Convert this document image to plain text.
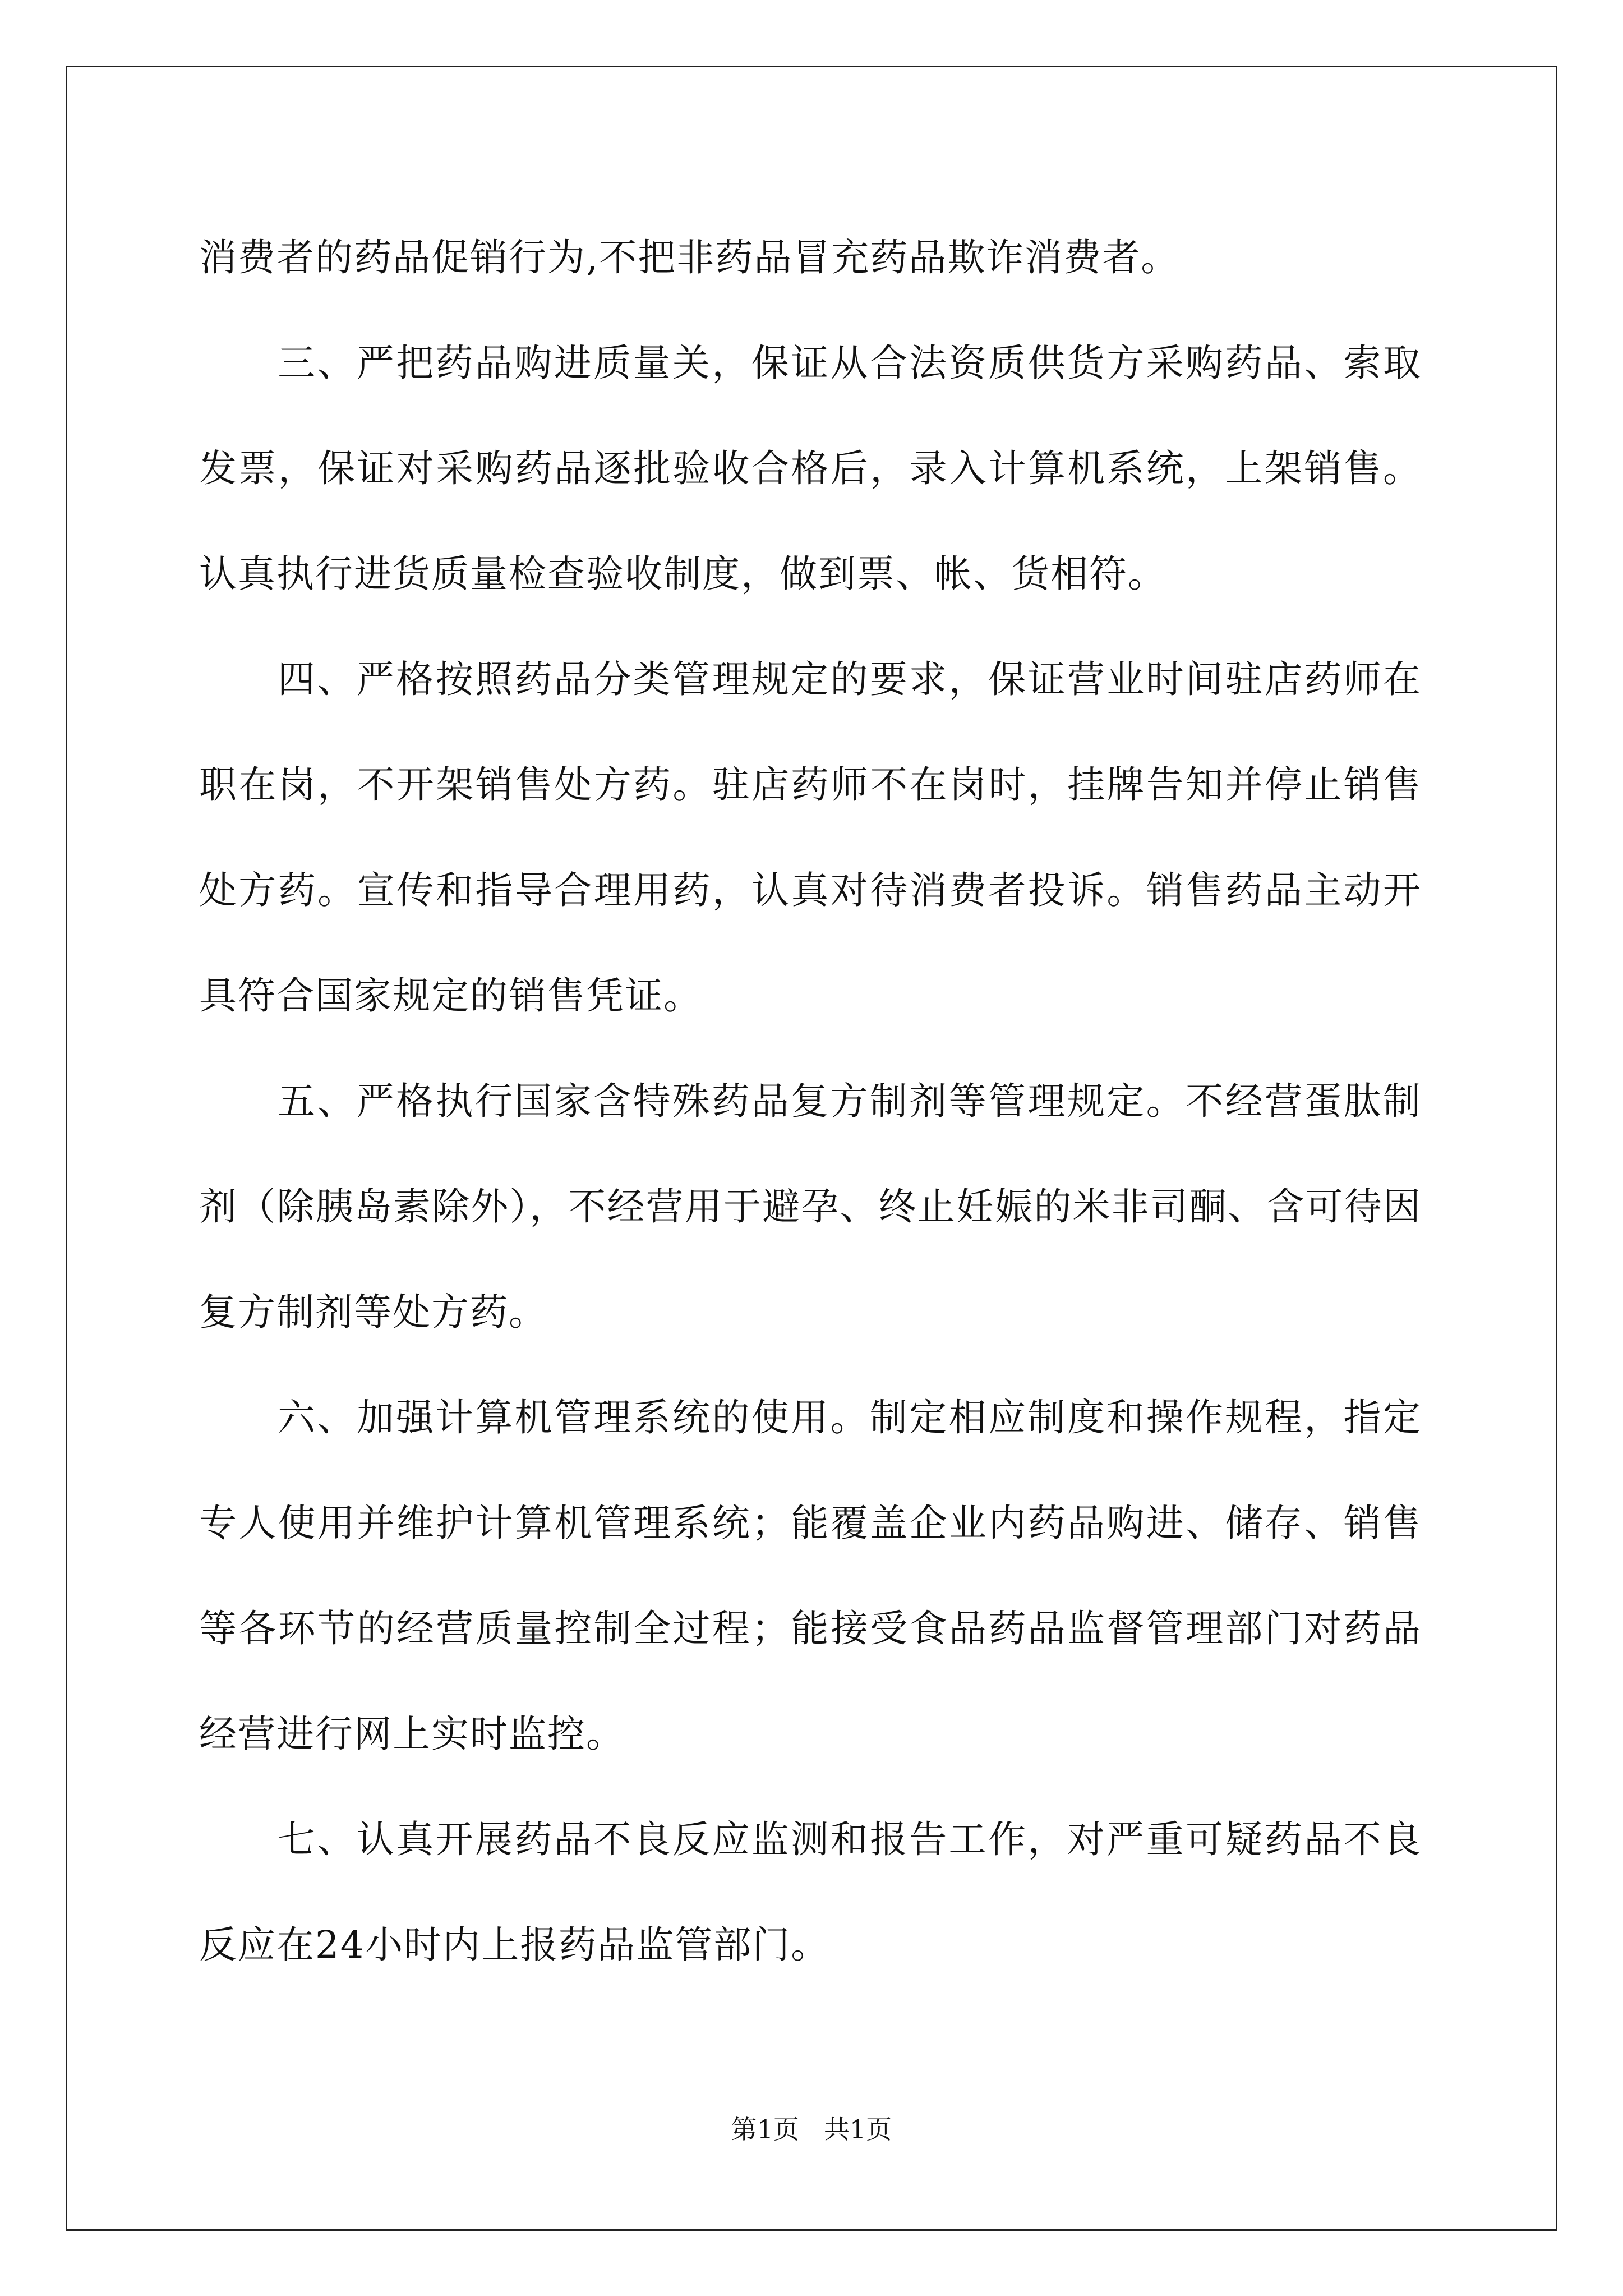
消费者的药品促销行为,不把非药品冒充药品欺诈消费者。

三、严把药品购进质量关，保证从合法资质供货方采购药品、索取发票，保证对采购药品逐批验收合格后，录入计算机系统，上架销售。认真执行进货质量检查验收制度，做到票、帐、货相符。

四、严格按照药品分类管理规定的要求，保证营业时间驻店药师在职在岗，不开架销售处方药。驻店药师不在岗时，挂牌告知并停止销售处方药。宣传和指导合理用药，认真对待消费者投诉。销售药品主动开具符合国家规定的销售凭证。

五、严格执行国家含特殊药品复方制剂等管理规定。不经营蛋肽制剂（除胰岛素除外），不经营用于避孕、终止妊娠的米非司酮、含可待因复方制剂等处方药。

六、加强计算机管理系统的使用。制定相应制度和操作规程，指定专人使用并维护计算机管理系统；能覆盖企业内药品购进、储存、销售等各环节的经营质量控制全过程；能接受食品药品监督管理部门对药品经营进行网上实时监控。

七、认真开展药品不良反应监测和报告工作，对严重可疑药品不良反应在24小时内上报药品监管部门。

第1页 共1页
